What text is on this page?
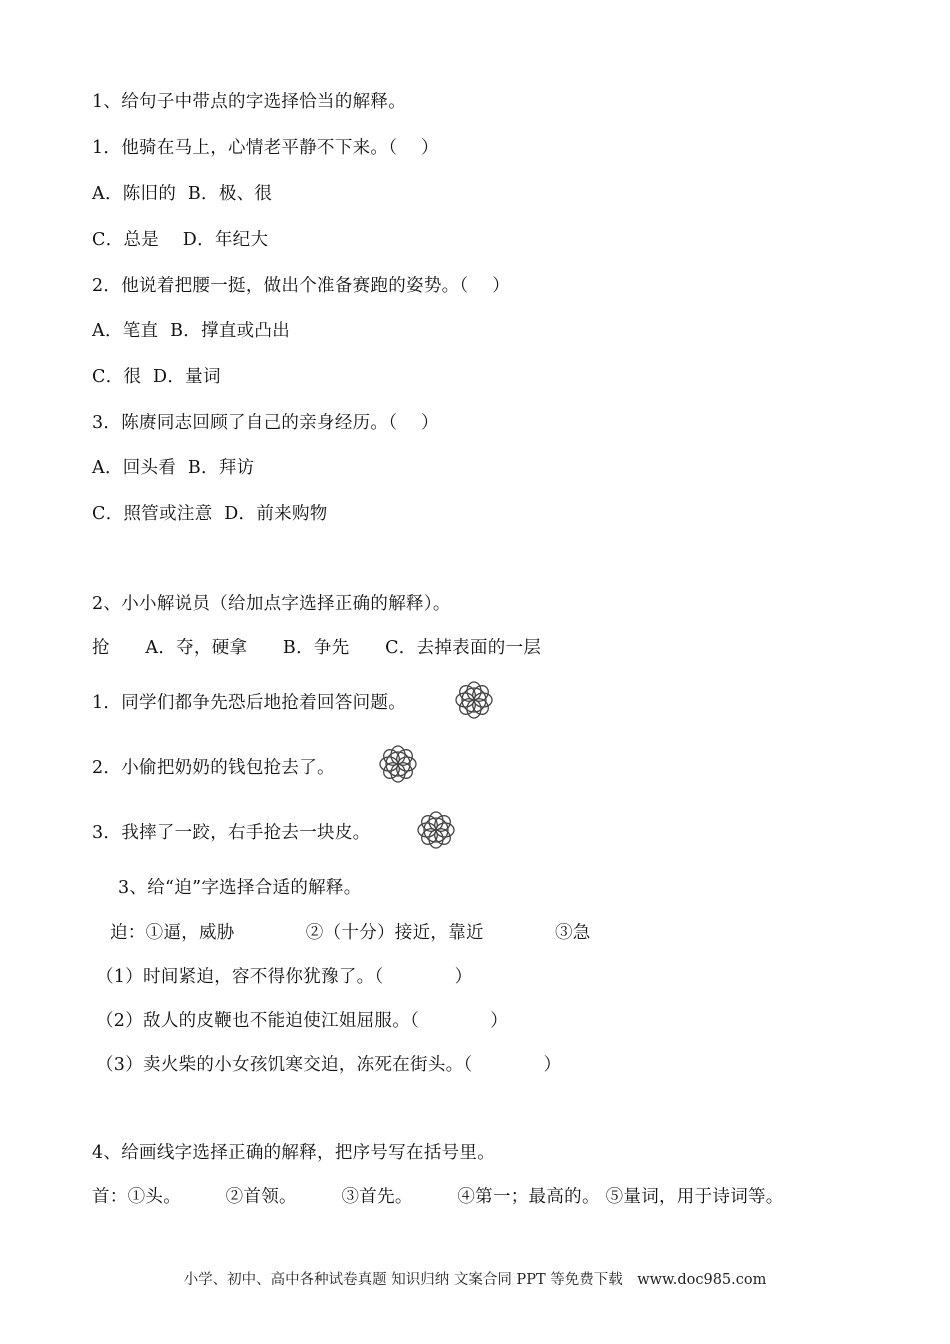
1、给句子中带点的字选择恰当的解释。
1．他骑在马上，心情老平静不下来。（　 ）
A．陈旧的  B．极、很
C．总是　 D．年纪大
2．他说着把腰一挺，做出个准备赛跑的姿势。（　 ）
A．笔直  B．撑直或凸出
C．很  D．量词
3．陈赓同志回顾了自己的亲身经历。（　 ）
A．回头看  B．拜访
C．照管或注意  D．前来购物
2、小小解说员（给加点字选择正确的解释）。
抢　　A．夺，硬拿　　B．争先　　C．去掉表面的一层
1．同学们都争先恐后地抢着回答问题。
2．小偷把奶奶的钱包抢去了。
3．我摔了一跤，右手抢去一块皮。
3、给“迫”字选择合适的解释。
迫：①逼，威胁　　　　②（十分）接近，靠近　　　　③急
（1）时间紧迫，容不得你犹豫了。（　　　　）
（2）敌人的皮鞭也不能迫使江姐屈服。（　　　　）
（3）卖火柴的小女孩饥寒交迫，冻死在街头。（　　　　）
4、给画线字选择正确的解释，把序号写在括号里。
首：①头。　　　②首领。　　　③首先。　　　④第一；最高的。 ⑤量词，用于诗词等。
小学、初中、高中各种试卷真题 知识归纳 文案合同 PPT 等免费下载　www.doc985.com
